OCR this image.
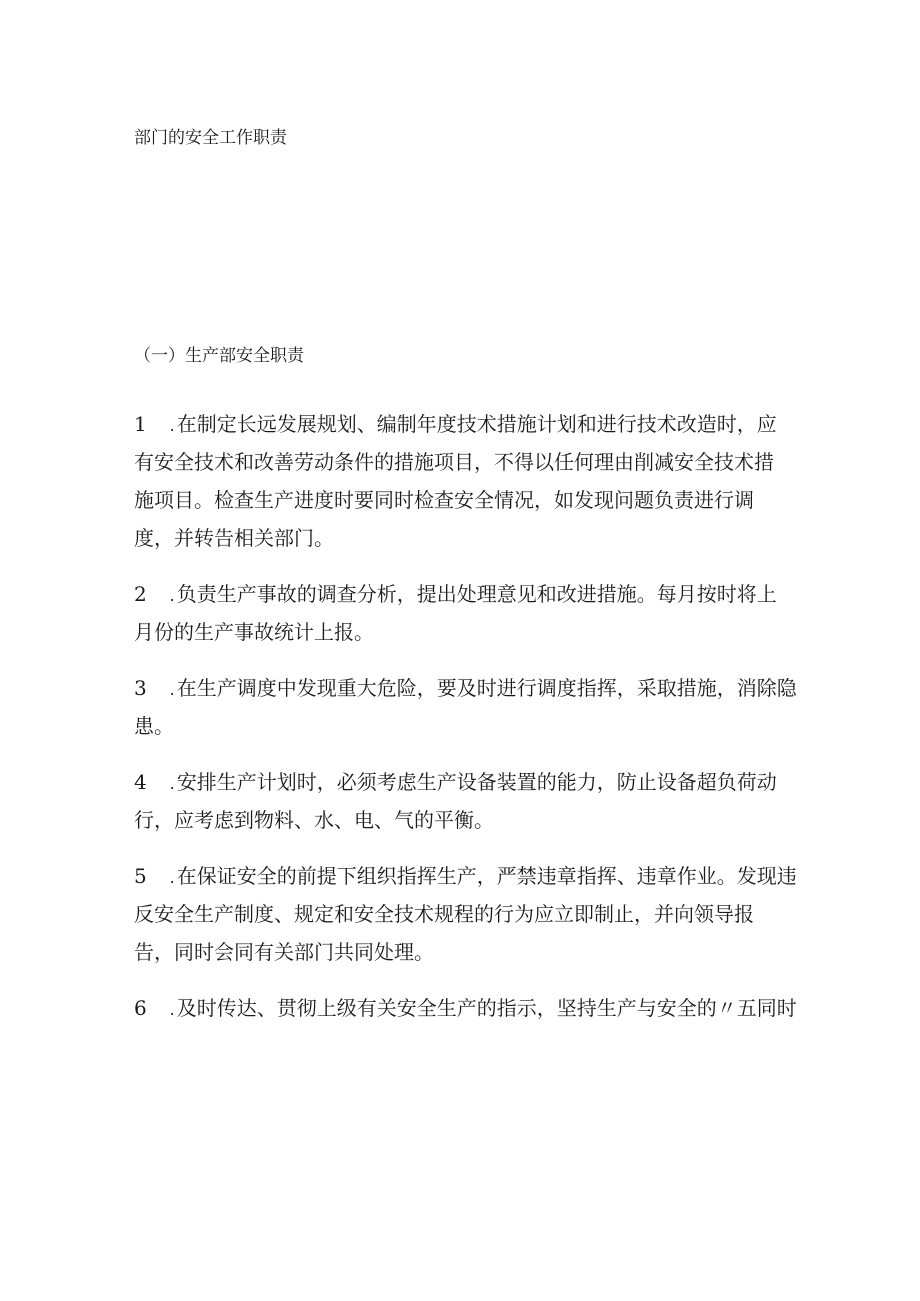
部门的安全工作职责
（一）生产部安全职责
1 . 在制定长远发展规划、编制年度技术措施计划和进行技术改造时，应
有安全技术和改善劳动条件的措施项目，不得以任何理由削减安全技术措
施项目。检查生产进度时要同时检查安全情况，如发现问题负责进行调
度，并转告相关部门。
2 . 负责生产事故的调查分析，提出处理意见和改进措施。每月按时将上
月份的生产事故统计上报。
3 . 在生产调度中发现重大危险，要及时进行调度指挥，采取措施，消除隐
患。
4 . 安排生产计划时，必须考虑生产设备装置的能力，防止设备超负荷动
行，应考虑到物料、水、电、气的平衡。
5 . 在保证安全的前提下组织指挥生产，严禁违章指挥、违章作业。发现违
反安全生产制度、规定和安全技术规程的行为应立即制止，并向领导报
告，同时会同有关部门共同处理。
6 . 及时传达、贯彻上级有关安全生产的指示，坚持生产与安全的〃五同时
